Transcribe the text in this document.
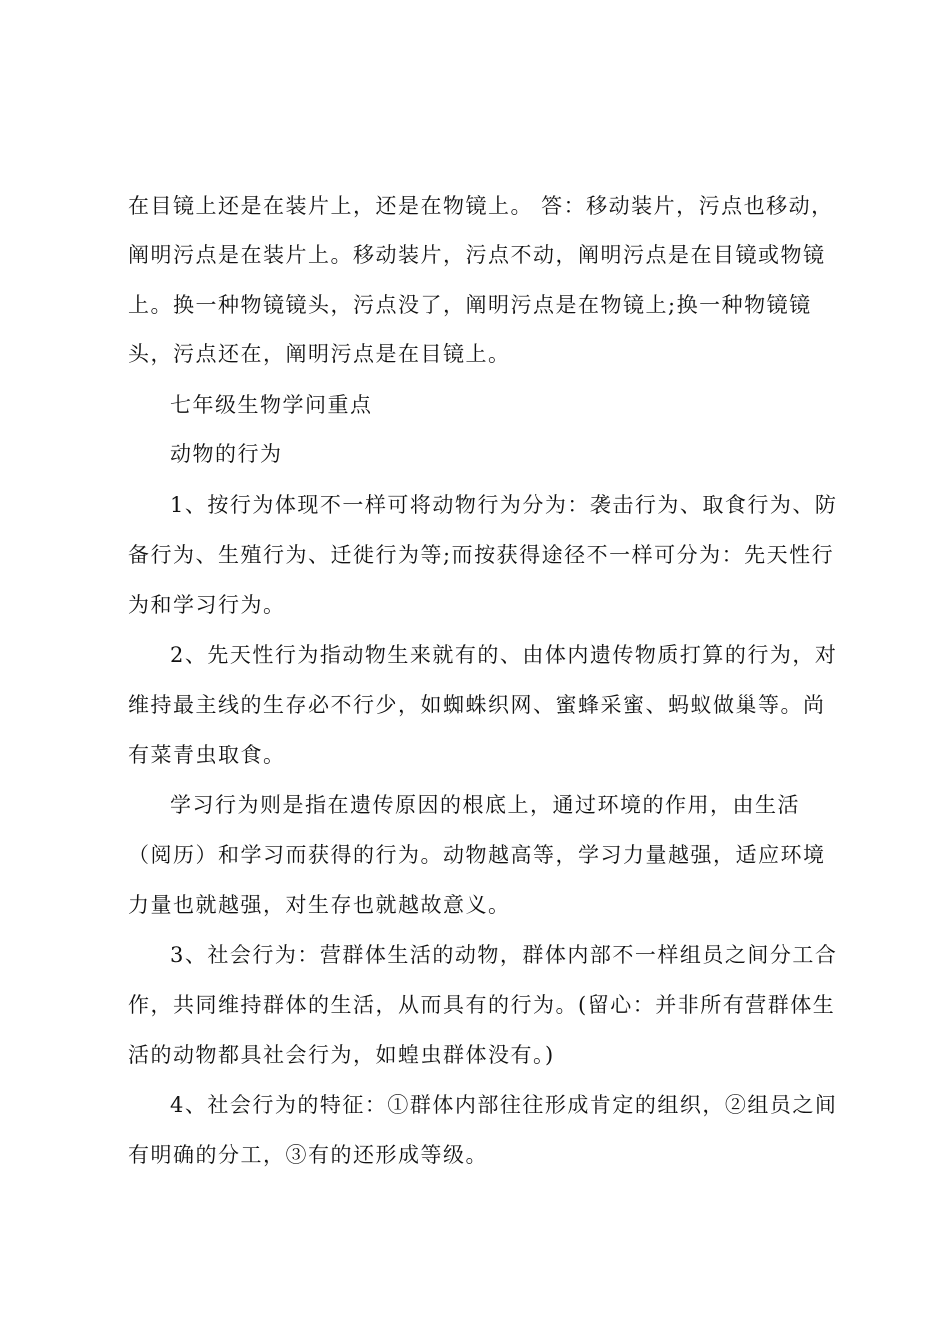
在目镜上还是在装片上，还是在物镜上。 答：移动装片，污点也移动，
阐明污点是在装片上。移动装片，污点不动，阐明污点是在目镜或物镜
上。换一种物镜镜头，污点没了，阐明污点是在物镜上;换一种物镜镜
头，污点还在，阐明污点是在目镜上。
七年级生物学问重点
动物的行为
1、按行为体现不一样可将动物行为分为：袭击行为、取食行为、防
备行为、生殖行为、迁徙行为等;而按获得途径不一样可分为：先天性行
为和学习行为。
2、先天性行为指动物生来就有的、由体内遗传物质打算的行为，对
维持最主线的生存必不行少，如蜘蛛织网、蜜蜂采蜜、蚂蚁做巢等。尚
有菜青虫取食。
学习行为则是指在遗传原因的根底上，通过环境的作用，由生活
（阅历）和学习而获得的行为。动物越高等，学习力量越强，适应环境
力量也就越强，对生存也就越故意义。
3、社会行为：营群体生活的动物，群体内部不一样组员之间分工合
作，共同维持群体的生活，从而具有的行为。(留心：并非所有营群体生
活的动物都具社会行为，如蝗虫群体没有。)
4、社会行为的特征：①群体内部往往形成肯定的组织，②组员之间
有明确的分工，③有的还形成等级。
